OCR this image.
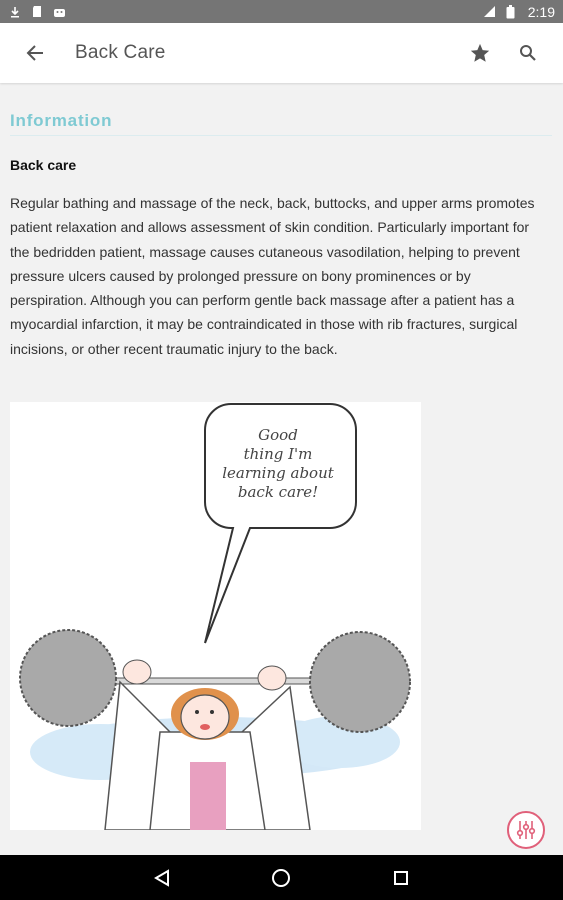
2:19
Back Care
Information
Back care
Regular bathing and massage of the neck, back, buttocks, and upper arms promotes patient relaxation and allows assessment of skin condition. Particularly important for the bedridden patient, massage causes cutaneous vasodilation, helping to prevent pressure ulcers caused by prolonged pressure on bony prominences or by perspiration. Although you can perform gentle back massage after a patient has a myocardial infarction, it may be contraindicated in those with rib fractures, surgical incisions, or other recent traumatic injury to the back.
Good
thing I'm
learning about
back care!
